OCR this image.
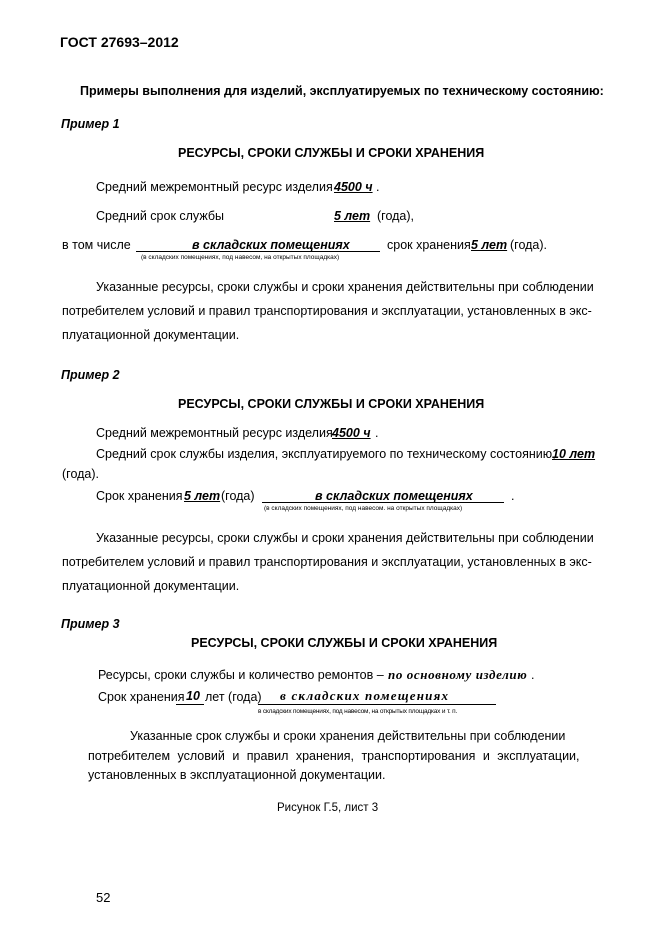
ГОСТ 27693–2012
Примеры выполнения для изделий, эксплуатируемых по техническому состоянию:
Пример 1
РЕСУРСЫ, СРОКИ СЛУЖБЫ И СРОКИ ХРАНЕНИЯ
Средний межремонтный ресурс изделия 4500 ч .
Средний срок службы	5 лет (года),
в том числе	в складских помещениях
(в складских помещениях, под навесом, на открытых площадках)
срок хранения 5 лет (года).
Указанные ресурсы, сроки службы и сроки хранения действительны при соблюдении
потребителем условий и правил транспортирования и эксплуатации, установленных в экс-
плуатационной документации.
Пример 2
РЕСУРСЫ, СРОКИ СЛУЖБЫ И СРОКИ ХРАНЕНИЯ
Средний межремонтный ресурс изделия 4500 ч .
Средний срок службы изделия, эксплуатируемого по техническому состоянию,
10 лет
(года).
Срок хранения 5 лет (года)	в складских помещениях	.
(в складских помещениях, под навесом. на открытых площадках)
Указанные ресурсы, сроки службы и сроки хранения действительны при соблюдении
потребителем условий и правил транспортирования и эксплуатации, установленных в экс-
плуатационной документации.
Пример 3
РЕСУРСЫ, СРОКИ СЛУЖБЫ И СРОКИ ХРАНЕНИЯ
Ресурсы, сроки службы и количество ремонтов – по основному изделию .
Срок хранения 10 лет (года) в складских помещениях
в складских помещениях, под навесом, на открытых площадках и т. п.
Указанные срок службы и сроки хранения действительны при соблюдении
потребителем условий и правил хранения, транспортирования и эксплуатации,
установленных в эксплуатационной документации.
Рисунок Г.5, лист 3
52
